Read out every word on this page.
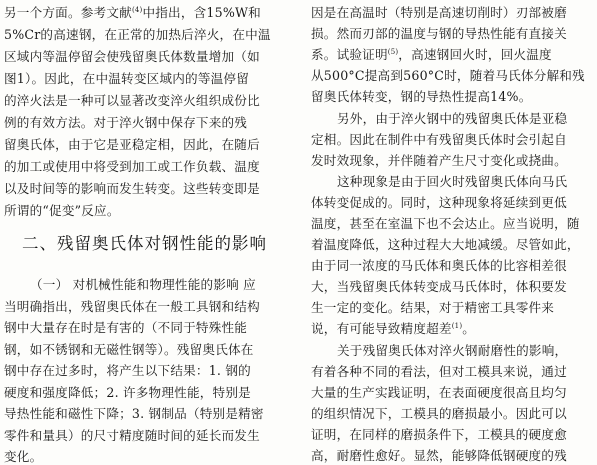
另一个方面。参考文献$^{(4)}$中指出，含15%W和
5%Cr的高速钢，在正常的加热后淬火，在中温
区域内等温停留会使残留奥氏体数量增加（如
图1）。因此，在中温转变区域内的等温停留
的淬火法是一种可以显著改变淬火组织成份比
例的有效方法。对于淬火钢中保存下来的残
留奥氏体，由于它是亚稳定相，因此，在随后
的加工或使用中将受到加工或工作负载、温度
以及时间等的影响而发生转变。这些转变即是
所谓的“促变”反应。
（一） 对机械性能和物理性能的影响 应
当明确指出，残留奥氏体在一般工具钢和结构
钢中大量存在时是有害的（不同于特殊性能
钢，如不锈钢和无磁性钢等）。残留奥氏体在
钢中存在过多时，将产生以下结果：1. 钢的
硬度和强度降低；2. 许多物理性能，特别是
导热性能和磁性下降；3. 钢制品（特别是精密
零件和量具）的尺寸精度随时间的延长而发生
变化。
二、残留奥氏体对钢性能的影响
因是在高温时（特别是高速切削时）刃部被磨
损。然而刃部的温度与钢的导热性能有直接关
系。试验证明$^{(5)}$，高速钢回火时，回火温度
从500°C提高到560°C时，随着马氏体分解和残
留奥氏体转变，钢的导热性提高14%。
另外，由于淬火钢中的残留奥氏体是亚稳
定相。因此在制件中有残留奥氏体时会引起自
发时效现象，并伴随着产生尺寸变化或挠曲。
这种现象是由于回火时残留奥氏体向马氏
体转变促成的。同时，这种现象将延续到更低
温度，甚至在室温下也不会达止。应当说明，随
着温度降低，这种过程大大地减缓。尽管如此，
由于同一浓度的马氏体和奥氏体的比容相差很
大，当残留奥氏体转变成马氏体时，体积要发
生一定的变化。结果，对于精密工具零件来
说，有可能导致精度超差$^{(1)}$。
关于残留奥氏体对淬火钢耐磨性的影响，
有着各种不同的看法，但对工模具来说，通过
大量的生产实践证明，在表面硬度很高且均匀
的组织情况下，工模具的磨损最小。因此可以
证明，在同样的磨损条件下，工模具的硬度愈
高，耐磨性愈好。显然，能够降低钢硬度的残
